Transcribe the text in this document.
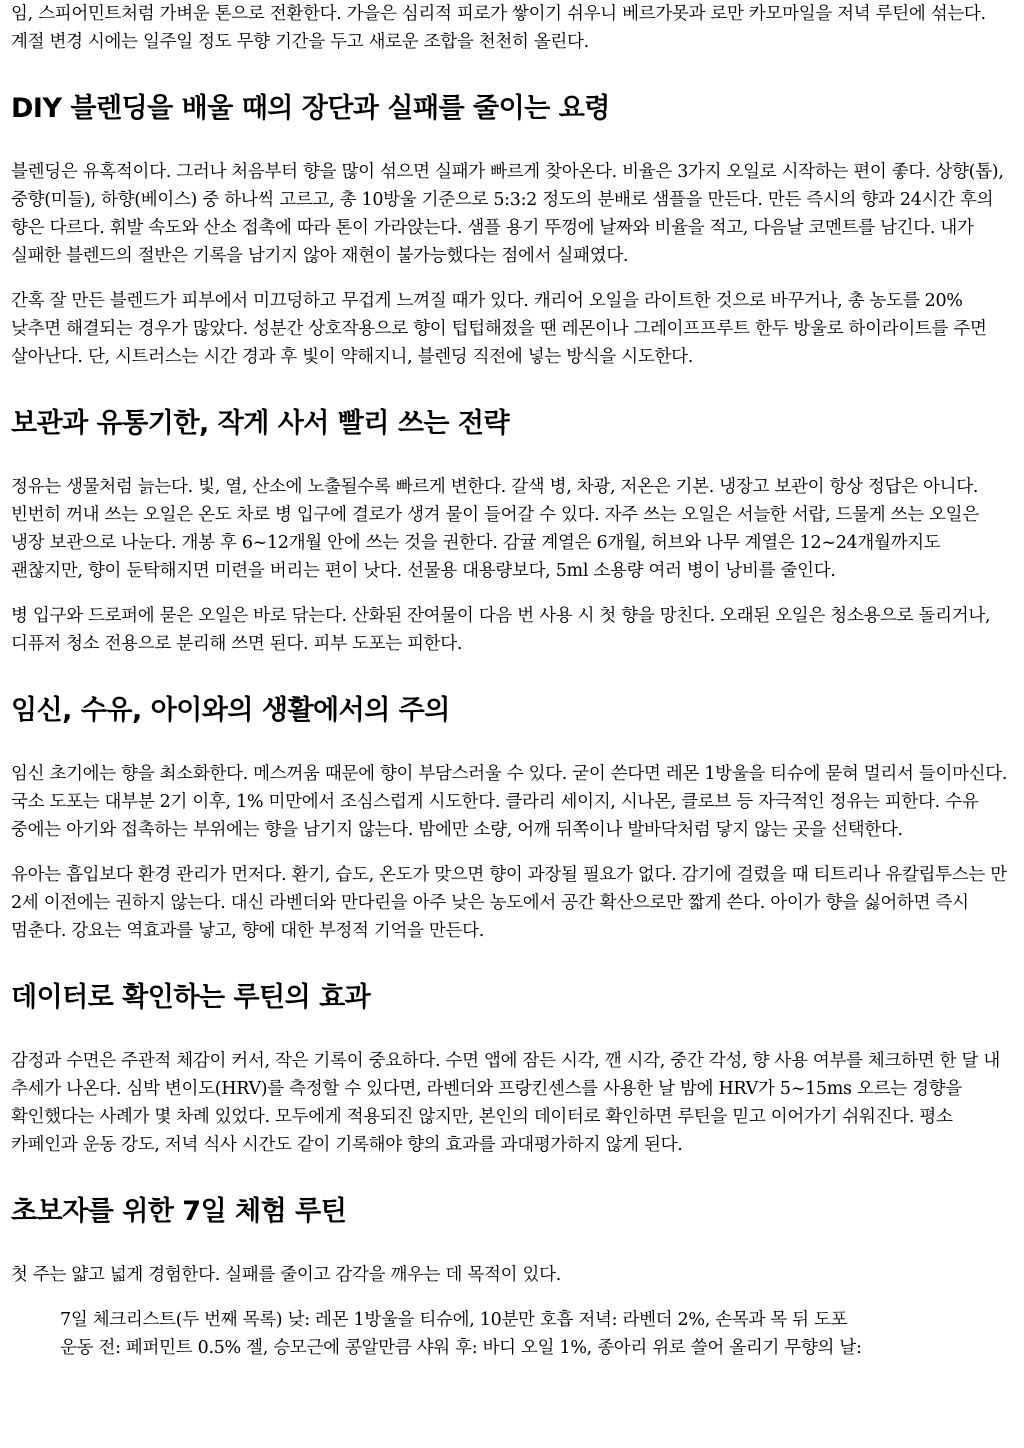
임, 스피어민트처럼 가벼운 톤으로 전환한다. 가을은 심리적 피로가 쌓이기 쉬우니 베르가못과 로만 카모마일을 저녁 루틴에 섞는다. 계절 변경 시에는 일주일 정도 무향 기간을 두고 새로운 조합을 천천히 올린다.

DIY 블렌딩을 배울 때의 장단과 실패를 줄이는 요령

블렌딩은 유혹적이다. 그러나 처음부터 향을 많이 섞으면 실패가 빠르게 찾아온다. 비율은 3가지 오일로 시작하는 편이 좋다. 상향(톱), 중향(미들), 하향(베이스) 중 하나씩 고르고, 총 10방울 기준으로 5:3:2 정도의 분배로 샘플을 만든다. 만든 즉시의 향과 24시간 후의 향은 다르다. 휘발 속도와 산소 접촉에 따라 톤이 가라앉는다. 샘플 용기 뚜껑에 날짜와 비율을 적고, 다음날 코멘트를 남긴다. 내가 실패한 블렌드의 절반은 기록을 남기지 않아 재현이 불가능했다는 점에서 실패였다.

간혹 잘 만든 블렌드가 피부에서 미끄덩하고 무겁게 느껴질 때가 있다. 캐리어 오일을 라이트한 것으로 바꾸거나, 총 농도를 20% 낮추면 해결되는 경우가 많았다. 성분간 상호작용으로 향이 텁텁해졌을 땐 레몬이나 그레이프프루트 한두 방울로 하이라이트를 주면 살아난다. 단, 시트러스는 시간 경과 후 빛이 약해지니, 블렌딩 직전에 넣는 방식을 시도한다.

보관과 유통기한, 작게 사서 빨리 쓰는 전략

정유는 생물처럼 늙는다. 빛, 열, 산소에 노출될수록 빠르게 변한다. 갈색 병, 차광, 저온은 기본. 냉장고 보관이 항상 정답은 아니다. 빈번히 꺼내 쓰는 오일은 온도 차로 병 입구에 결로가 생겨 물이 들어갈 수 있다. 자주 쓰는 오일은 서늘한 서랍, 드물게 쓰는 오일은 냉장 보관으로 나눈다. 개봉 후 6~12개월 안에 쓰는 것을 권한다. 감귤 계열은 6개월, 허브와 나무 계열은 12~24개월까지도 괜찮지만, 향이 둔탁해지면 미련을 버리는 편이 낫다. 선물용 대용량보다, 5ml 소용량 여러 병이 낭비를 줄인다.

병 입구와 드로퍼에 묻은 오일은 바로 닦는다. 산화된 잔여물이 다음 번 사용 시 첫 향을 망친다. 오래된 오일은 청소용으로 돌리거나, 디퓨저 청소 전용으로 분리해 쓰면 된다. 피부 도포는 피한다.

임신, 수유, 아이와의 생활에서의 주의

임신 초기에는 향을 최소화한다. 메스꺼움 때문에 향이 부담스러울 수 있다. 굳이 쓴다면 레몬 1방울을 티슈에 묻혀 멀리서 들이마신다. 국소 도포는 대부분 2기 이후, 1% 미만에서 조심스럽게 시도한다. 클라리 세이지, 시나몬, 클로브 등 자극적인 정유는 피한다. 수유 중에는 아기와 접촉하는 부위에는 향을 남기지 않는다. 밤에만 소량, 어깨 뒤쪽이나 발바닥처럼 닿지 않는 곳을 선택한다.

유아는 흡입보다 환경 관리가 먼저다. 환기, 습도, 온도가 맞으면 향이 과장될 필요가 없다. 감기에 걸렸을 때 티트리나 유칼립투스는 만 2세 이전에는 권하지 않는다. 대신 라벤더와 만다린을 아주 낮은 농도에서 공간 확산으로만 짧게 쓴다. 아이가 향을 싫어하면 즉시 멈춘다. 강요는 역효과를 낳고, 향에 대한 부정적 기억을 만든다.

데이터로 확인하는 루틴의 효과

감정과 수면은 주관적 체감이 커서, 작은 기록이 중요하다. 수면 앱에 잠든 시각, 깬 시각, 중간 각성, 향 사용 여부를 체크하면 한 달 내 추세가 나온다. 심박 변이도(HRV)를 측정할 수 있다면, 라벤더와 프랑킨센스를 사용한 날 밤에 HRV가 5~15ms 오르는 경향을 확인했다는 사례가 몇 차례 있었다. 모두에게 적용되진 않지만, 본인의 데이터로 확인하면 루틴을 믿고 이어가기 쉬워진다. 평소 카페인과 운동 강도, 저녁 식사 시간도 같이 기록해야 향의 효과를 과대평가하지 않게 된다.

초보자를 위한 7일 체험 루틴

첫 주는 얇고 넓게 경험한다. 실패를 줄이고 감각을 깨우는 데 목적이 있다.

7일 체크리스트(두 번째 목록) 낮: 레몬 1방울을 티슈에, 10분만 호흡 저녁: 라벤더 2%, 손목과 목 뒤 도포
운동 전: 페퍼민트 0.5% 젤, 승모근에 콩알만큼 샤워 후: 바디 오일 1%, 종아리 위로 쓸어 올리기 무향의 날:
